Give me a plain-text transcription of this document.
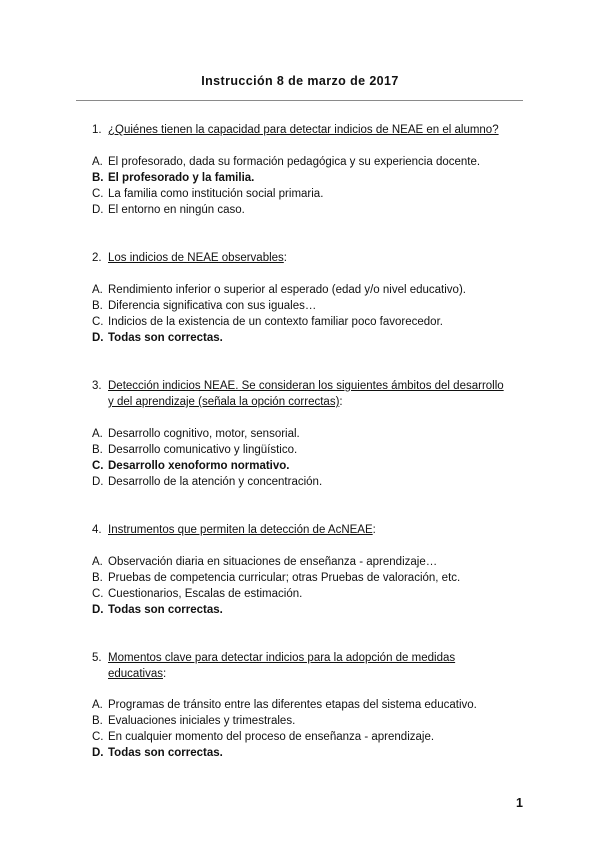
Instrucción 8 de marzo de 2017
1. ¿Quiénes tienen la capacidad para detectar indicios de NEAE en el alumno?
A. El profesorado, dada su formación pedagógica y su experiencia docente.
B. El profesorado y la familia.
C. La familia como institución social primaria.
D. El entorno en ningún caso.
2. Los indicios de NEAE observables:
A. Rendimiento inferior o superior al esperado (edad y/o nivel educativo).
B. Diferencia significativa con sus iguales…
C. Indicios de la existencia de un contexto familiar poco favorecedor.
D. Todas son correctas.
3. Detección indicios NEAE. Se consideran los siguientes ámbitos del desarrollo
y del aprendizaje (señala la opción correctas):
A. Desarrollo cognitivo, motor, sensorial.
B. Desarrollo comunicativo y lingüístico.
C. Desarrollo xenoformo normativo.
D. Desarrollo de la atención y concentración.
4. Instrumentos que permiten la detección de AcNEAE:
A. Observación diaria en situaciones de enseñanza - aprendizaje…
B. Pruebas de competencia curricular; otras Pruebas de valoración, etc.
C. Cuestionarios, Escalas de estimación.
D. Todas son correctas.
5. Momentos clave para detectar indicios para la adopción de medidas
educativas:
A. Programas de tránsito entre las diferentes etapas del sistema educativo.
B. Evaluaciones iniciales y trimestrales.
C. En cualquier momento del proceso de enseñanza - aprendizaje.
D. Todas son correctas.
1
